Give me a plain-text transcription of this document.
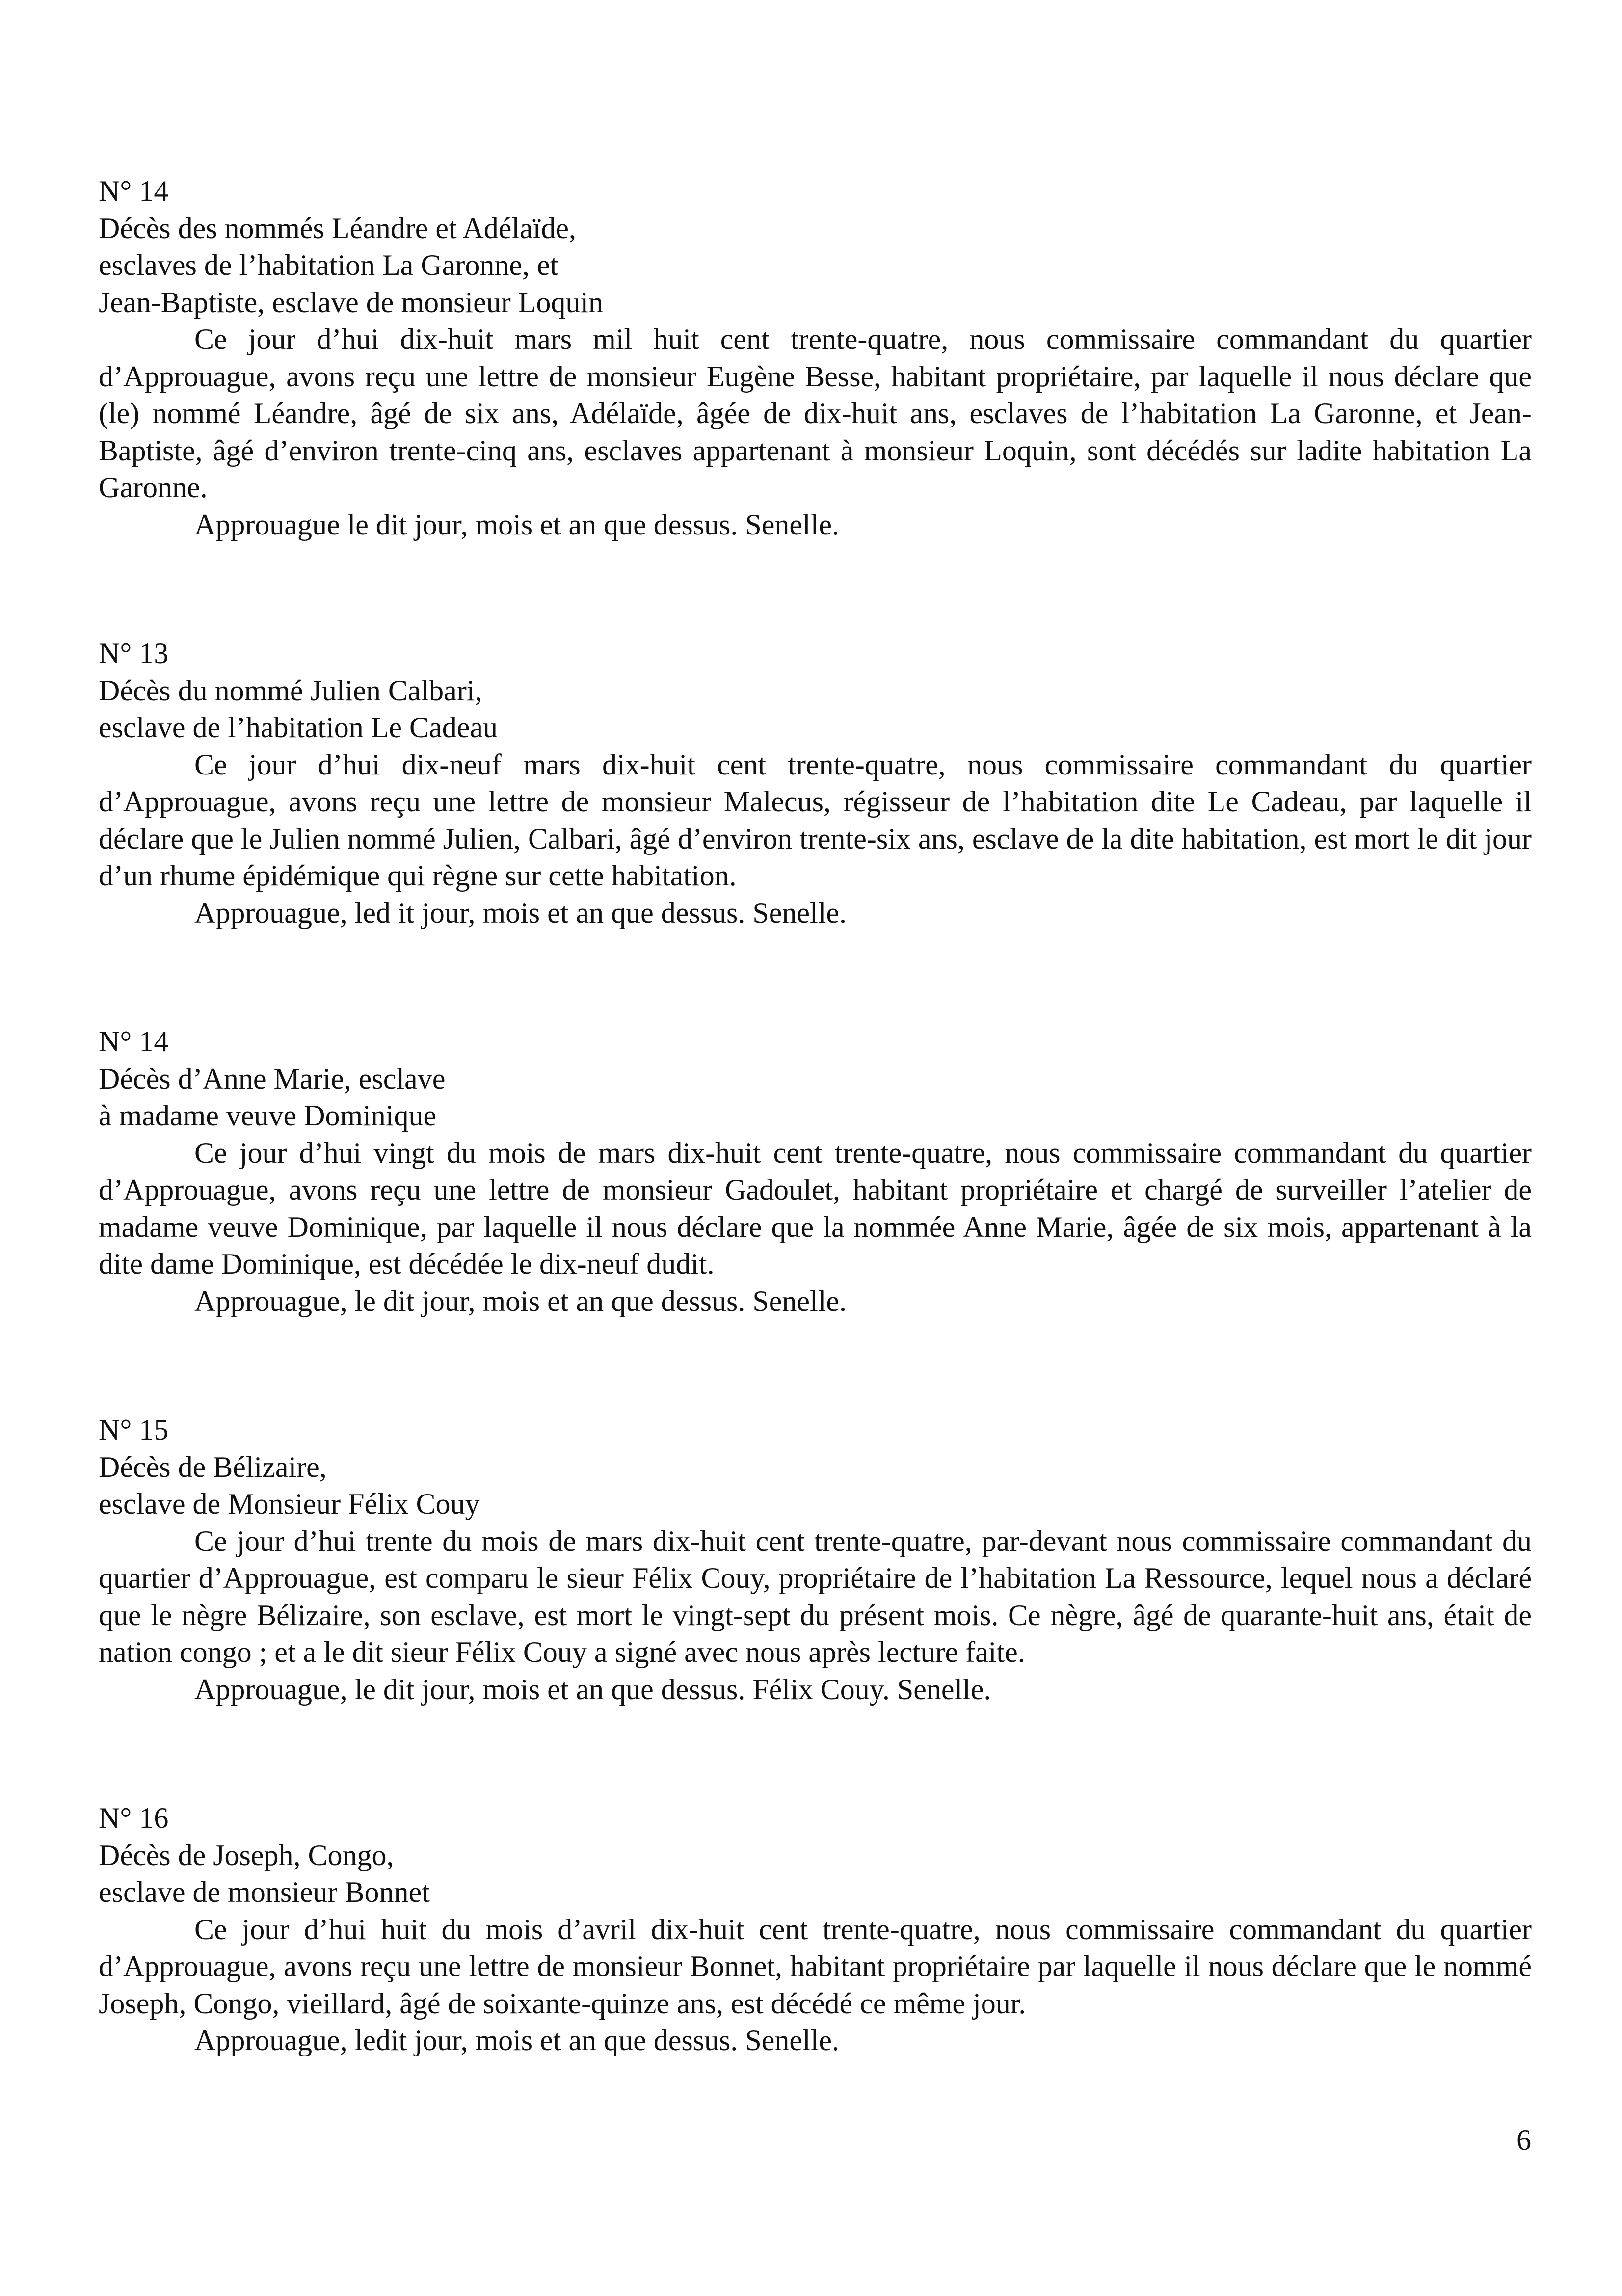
N° 14
Décès des nommés Léandre et Adélaïde,
esclaves de l’habitation La Garonne, et
Jean-Baptiste, esclave de monsieur Loquin

Ce jour d’hui dix-huit mars mil huit cent trente-quatre, nous commissaire commandant du quartier d’Approuague, avons reçu une lettre de monsieur Eugène Besse, habitant propriétaire, par laquelle il nous déclare que (le) nommé Léandre, âgé de six ans, Adélaïde, âgée de dix-huit ans, esclaves de l’habitation La Garonne, et Jean-Baptiste, âgé d’environ trente-cinq ans, esclaves appartenant à monsieur Loquin, sont décédés sur ladite habitation La Garonne.

Approuague le dit jour, mois et an que dessus. Senelle.

N° 13
Décès du nommé Julien Calbari,
esclave de l’habitation Le Cadeau

Ce jour d’hui dix-neuf mars dix-huit cent trente-quatre, nous commissaire commandant du quartier d’Approuague, avons reçu une lettre de monsieur Malecus, régisseur de l’habitation dite Le Cadeau, par laquelle il déclare que le Julien nommé Julien, Calbari, âgé d’environ trente-six ans, esclave de la dite habitation, est mort le dit jour d’un rhume épidémique qui règne sur cette habitation.

Approuague, led it jour, mois et an que dessus. Senelle.

N° 14
Décès d’Anne Marie, esclave
à madame veuve Dominique

Ce jour d’hui vingt du mois de mars dix-huit cent trente-quatre, nous commissaire commandant du quartier d’Approuague, avons reçu une lettre de monsieur Gadoulet, habitant propriétaire et chargé de surveiller l’atelier de madame veuve Dominique, par laquelle il nous déclare que la nommée Anne Marie, âgée de six mois, appartenant à la dite dame Dominique, est décédée le dix-neuf dudit.

Approuague, le dit jour, mois et an que dessus. Senelle.

N° 15
Décès de Bélizaire,
esclave de Monsieur Félix Couy

Ce jour d’hui trente du mois de mars dix-huit cent trente-quatre, par-devant nous commissaire commandant du quartier d’Approuague, est comparu le sieur Félix Couy, propriétaire de l’habitation La Ressource, lequel nous a déclaré que le nègre Bélizaire, son esclave, est mort le vingt-sept du présent mois. Ce nègre, âgé de quarante-huit ans, était de nation congo ; et a le dit sieur Félix Couy a signé avec nous après lecture faite.

Approuague, le dit jour, mois et an que dessus. Félix Couy. Senelle.

N° 16
Décès de Joseph, Congo,
esclave de monsieur Bonnet

Ce jour d’hui huit du mois d’avril dix-huit cent trente-quatre, nous commissaire commandant du quartier d’Approuague, avons reçu une lettre de monsieur Bonnet, habitant propriétaire par laquelle il nous déclare que le nommé Joseph, Congo, vieillard, âgé de soixante-quinze ans, est décédé ce même jour.

Approuague, ledit jour, mois et an que dessus. Senelle.

6
